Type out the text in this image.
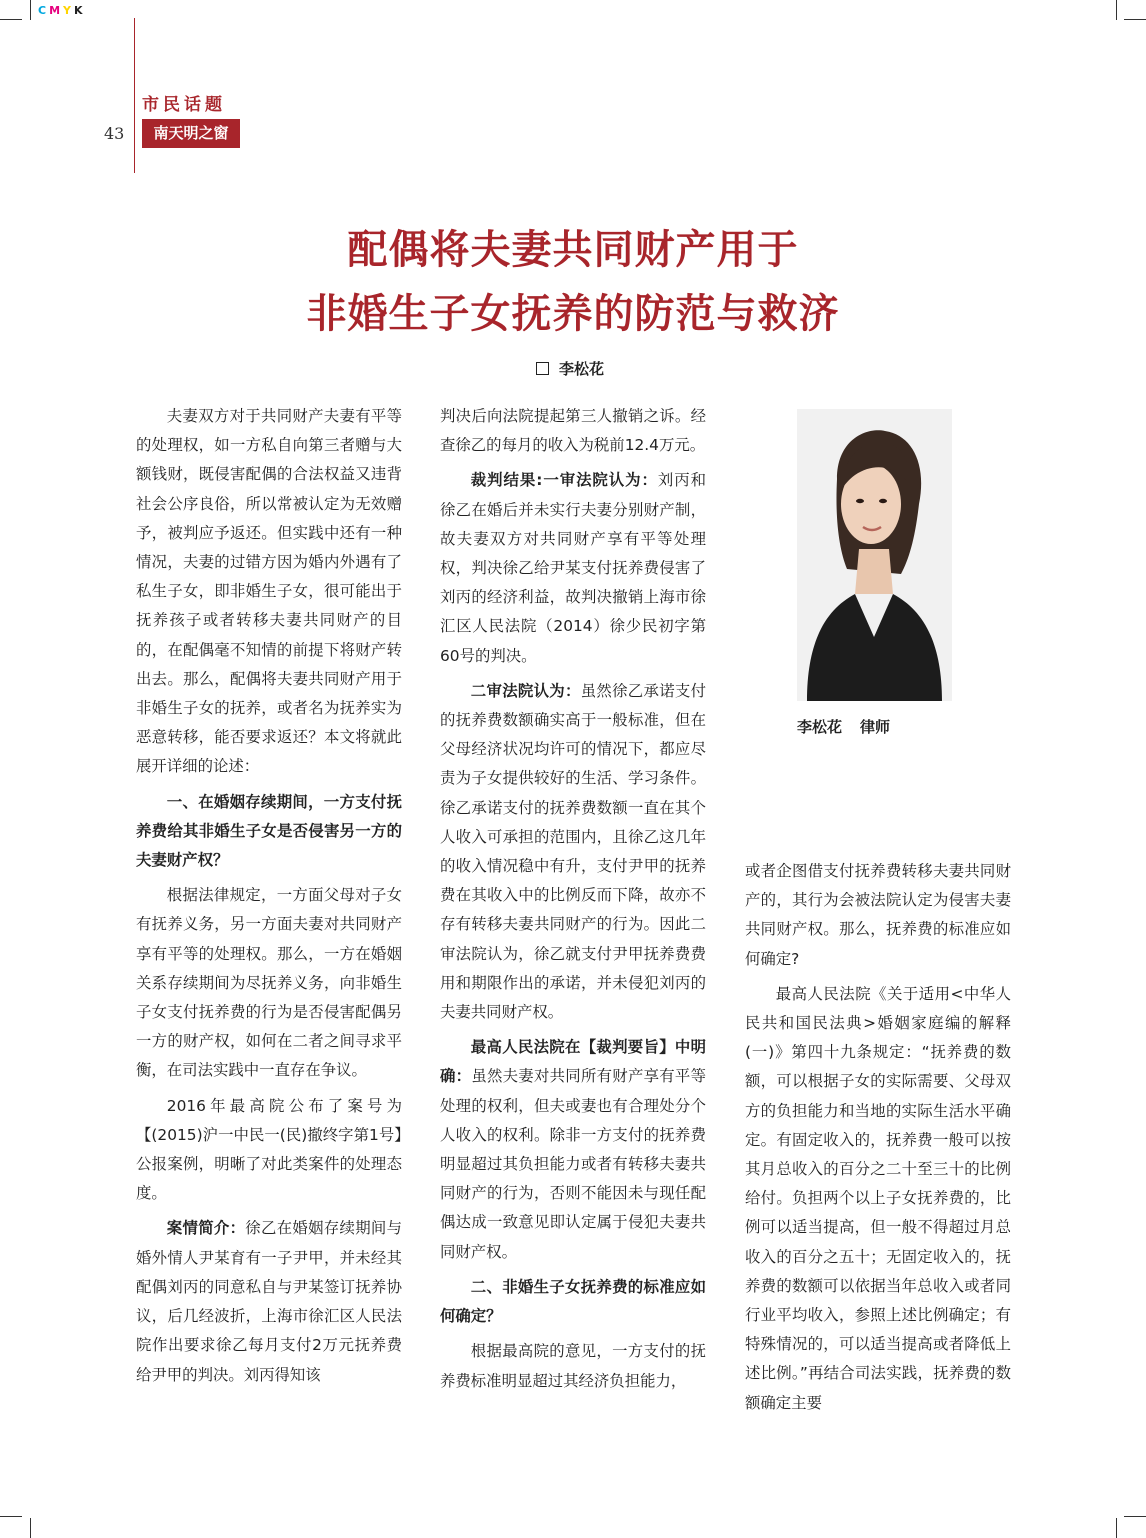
CMYK
市民话题
43	南天明之窗
配偶将夫妻共同财产用于
非婚生子女抚养的防范与救济
李松花

夫妻双方对于共同财产夫妻有平等的处理权，如一方私自向第三者赠与大额钱财，既侵害配偶的合法权益又违背社会公序良俗，所以常被认定为无效赠予，被判应予返还。但实践中还有一种情况，夫妻的过错方因为婚内外遇有了私生子女，即非婚生子女，很可能出于抚养孩子或者转移夫妻共同财产的目的，在配偶毫不知情的前提下将财产转出去。那么，配偶将夫妻共同财产用于非婚生子女的抚养，或者名为抚养实为恶意转移，能否要求返还？本文将就此展开详细的论述：

一、在婚姻存续期间，一方支付抚养费给其非婚生子女是否侵害另一方的夫妻财产权？

根据法律规定，一方面父母对子女有抚养义务，另一方面夫妻对共同财产享有平等的处理权。那么，一方在婚姻关系存续期间为尽抚养义务，向非婚生子女支付抚养费的行为是否侵害配偶另一方的财产权，如何在二者之间寻求平衡，在司法实践中一直存在争议。

2016年最高院公布了案号为【(2015)沪一中民一(民)撤终字第1号】公报案例，明晰了对此类案件的处理态度。

案情简介：徐乙在婚姻存续期间与婚外情人尹某育有一子尹甲，并未经其配偶刘丙的同意私自与尹某签订抚养协议，后几经波折，上海市徐汇区人民法院作出要求徐乙每月支付2万元抚养费给尹甲的判决。刘丙得知该

判决后向法院提起第三人撤销之诉。经查徐乙的每月的收入为税前12.4万元。

裁判结果:一审法院认为：刘丙和徐乙在婚后并未实行夫妻分别财产制，故夫妻双方对共同财产享有平等处理权，判决徐乙给尹某支付抚养费侵害了刘丙的经济利益，故判决撤销上海市徐汇区人民法院（2014）徐少民初字第60号的判决。

二审法院认为：虽然徐乙承诺支付的抚养费数额确实高于一般标准，但在父母经济状况均许可的情况下，都应尽责为子女提供较好的生活、学习条件。徐乙承诺支付的抚养费数额一直在其个人收入可承担的范围内，且徐乙这几年的收入情况稳中有升，支付尹甲的抚养费在其收入中的比例反而下降，故亦不存有转移夫妻共同财产的行为。因此二审法院认为，徐乙就支付尹甲抚养费费用和期限作出的承诺，并未侵犯刘丙的夫妻共同财产权。

最高人民法院在【裁判要旨】中明确：虽然夫妻对共同所有财产享有平等处理的权利，但夫或妻也有合理处分个人收入的权利。除非一方支付的抚养费明显超过其负担能力或者有转移夫妻共同财产的行为，否则不能因未与现任配偶达成一致意见即认定属于侵犯夫妻共同财产权。

二、非婚生子女抚养费的标准应如何确定？

根据最高院的意见，一方支付的抚养费标准明显超过其经济负担能力，

李松花 律师

或者企图借支付抚养费转移夫妻共同财产的，其行为会被法院认定为侵害夫妻共同财产权。那么，抚养费的标准应如何确定?

最高人民法院《关于适用<中华人民共和国民法典>婚姻家庭编的解释(一)》第四十九条规定：“抚养费的数额，可以根据子女的实际需要、父母双方的负担能力和当地的实际生活水平确定。有固定收入的，抚养费一般可以按其月总收入的百分之二十至三十的比例给付。负担两个以上子女抚养费的，比例可以适当提高，但一般不得超过月总收入的百分之五十；无固定收入的，抚养费的数额可以依据当年总收入或者同行业平均收入，参照上述比例确定；有特殊情况的，可以适当提高或者降低上述比例。”再结合司法实践，抚养费的数额确定主要
